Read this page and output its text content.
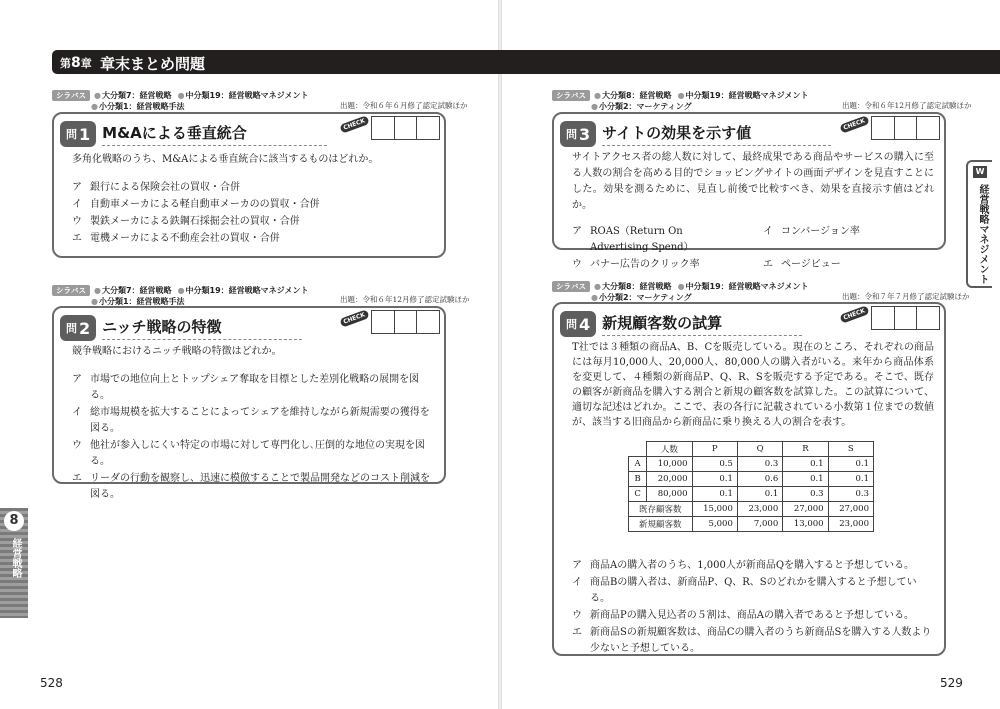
第8章 章末まとめ問題
シラバス ●大分類7：経営戦略 ●中分類19：経営戦略マネジメント
●小分類1：経営戦略手法	出題：令和６年６月修了認定試験ほか
問 1 M&Aによる垂直統合	CHECK

多角化戦略のうち、M&Aによる垂直統合に該当するものはどれか。

ア 銀行による保険会社の買収・合併
イ 自動車メーカによる軽自動車メーカのの買収・合併
ウ 製鉄メーカによる鉄鋼石採掘会社の買収・合併
エ 電機メーカによる不動産会社の買収・合併
シラバス ●大分類7：経営戦略 ●中分類19：経営戦略マネジメント
●小分類1：経営戦略手法	出題：令和６年12月修了認定試験ほか
問 2 ニッチ戦略の特徴	CHECK

競争戦略におけるニッチ戦略の特徴はどれか。

ア 市場での地位向上とトップシェア奪取を目標とした差別化戦略の展開を図る。
イ 総市場規模を拡大することによってシェアを維持しながら新規需要の獲得を図る。
ウ 他社が参入しにくい特定の市場に対して専門化し､圧倒的な地位の実現を図る。
エ リーダの行動を観察し、迅速に模倣することで製品開発などのコスト削減を図る。
シラバス ●大分類8：経営戦略 ●中分類19：経営戦略マネジメント
●小分類2：マーケティング	出題：令和６年12月修了認定試験ほか
問 3 サイトの効果を示す値	CHECK

サイトアクセス者の総人数に対して、最終成果である商品やサービスの購入に至る人数の割合を高める目的でショッピングサイトの画面デザインを見直すことにした。効果を測るために、見直し前後で比較すべき、効果を直接示す値はどれか。

ア ROAS（Return On Advertising Spend）
イ コンバージョン率
ウ バナー広告のクリック率	エ ページビュー
シラバス ●大分類8：経営戦略 ●中分類19：経営戦略マネジメント
●小分類2：マーケティング	出題：令和７年７月修了認定試験ほか
問 4 新規顧客数の試算	CHECK

T社では３種類の商品A、B、Cを販売している。現在のところ、それぞれの商品には毎月10,000人、20,000人、80,000人の購入者がいる。来年から商品体系を変更して、４種類の新商品P、Q、R、Sを販売する予定である。そこで、既存の顧客が新商品を購入する割合と新規の顧客数を試算した。この試算について、適切な記述はどれか。ここで、表の各行に記載されている小数第１位までの数値が、該当する旧商品から新商品に乗り換える人の割合を表す。

	人数	P	Q	R	S
A	10,000	0.5	0.3	0.1	0.1
B	20,000	0.1	0.6	0.1	0.1
C	80,000	0.1	0.1	0.3	0.3
既存顧客数		15,000	23,000	27,000	27,000
新規顧客数		5,000	7,000	13,000	23,000
ア 商品Aの購入者のうち、1,000人が新商品Qを購入すると予想している。
イ 商品Bの購入者は、新商品P、Q、R、Sのどれかを購入すると予想している。
ウ 新商品Pの購入見込者の５割は、商品Aの購入者であると予想している。
エ 新商品Sの新規顧客数は、商品Cの購入者のうち新商品Sを購入する人数より少ないと予想している。
8
経営戦略
W
経営戦略マネジメント
528	529
